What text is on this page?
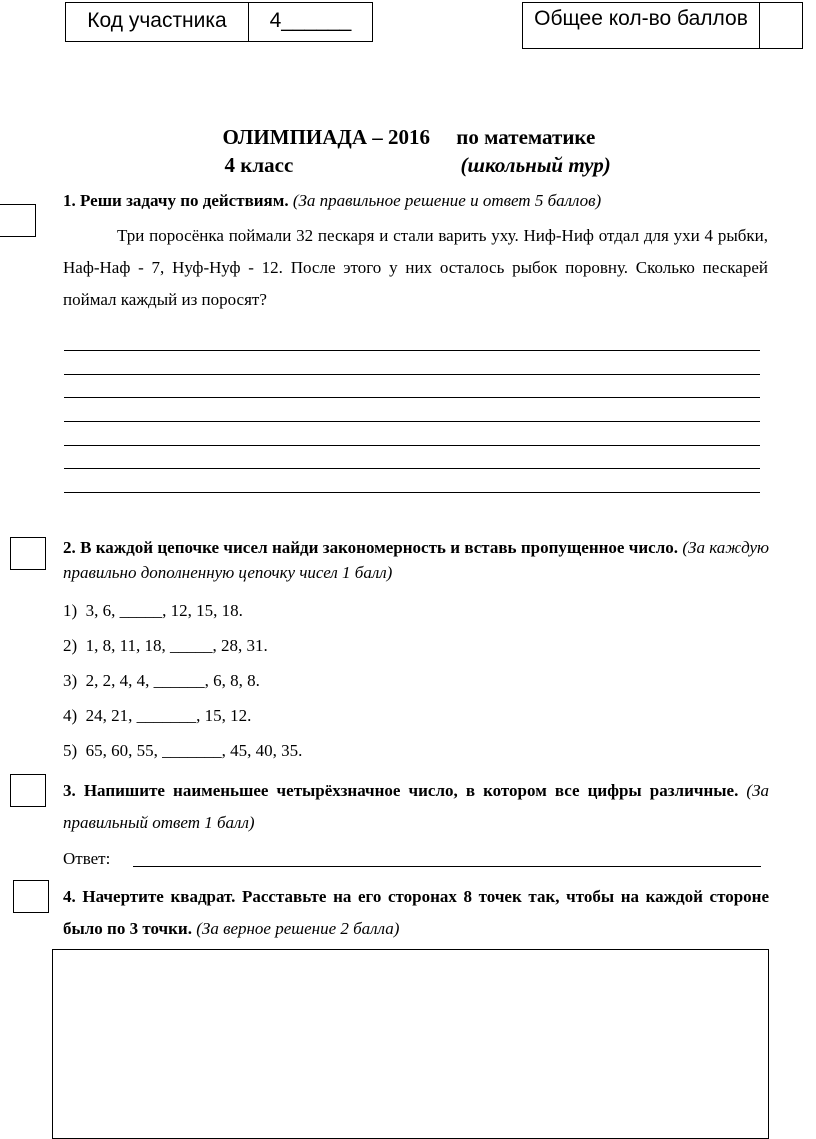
Код участника	4______	Общее кол-во баллов

ОЛИМПИАДА – 2016 по математике

4 класс	(школьный тур)

1. Реши задачу по действиям. (За правильное решение и ответ 5 баллов)
Три поросёнка поймали 32 пескаря и стали варить уху. Ниф-Ниф отдал для ухи 4 рыбки, Наф-Наф - 7, Нуф-Нуф - 12. После этого у них осталось рыбок поровну. Сколько пескарей поймал каждый из поросят?
2. В каждой цепочке чисел найди закономерность и вставь пропущенное число. (За каждую правильно дополненную цепочку чисел 1 балл)
1)  3, 6, _____, 12, 15, 18.
2)  1, 8, 11, 18, _____, 28, 31.
3)  2, 2, 4, 4, ______, 6, 8, 8.
4)  24, 21, _______, 15, 12.
5)  65, 60, 55, _______, 45, 40, 35.
3. Напишите наименьшее четырёхзначное число, в котором все цифры различные. (За правильный ответ 1 балл)
Ответ:
4. Начертите квадрат. Расставьте на его сторонах 8 точек так, чтобы на каждой стороне было по 3 точки. (За верное решение 2 балла)
